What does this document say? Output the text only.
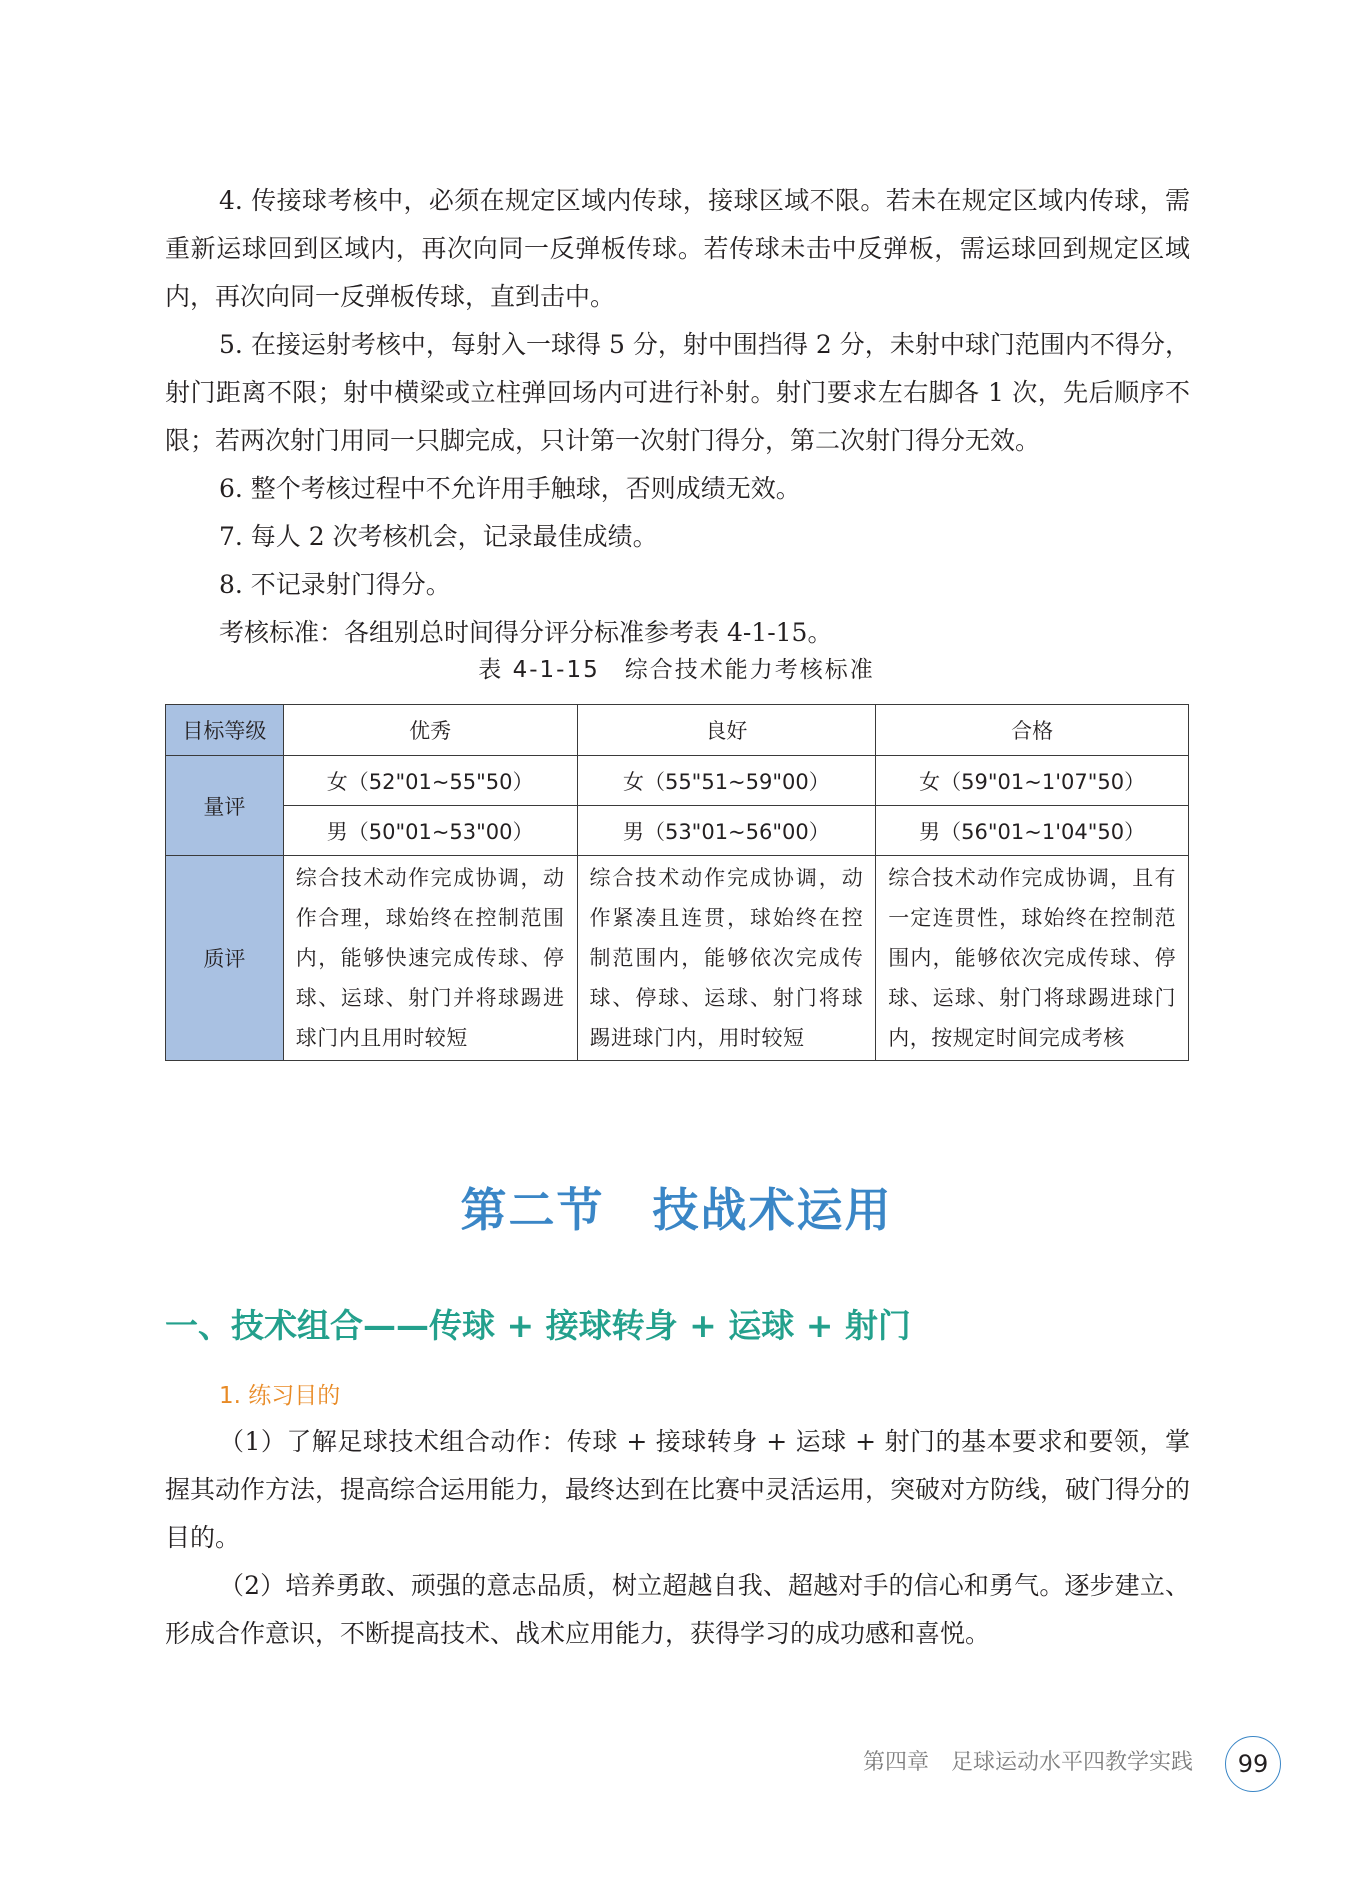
4. 传接球考核中，必须在规定区域内传球，接球区域不限。若未在规定区域内传球，需重新运球回到区域内，再次向同一反弹板传球。若传球未击中反弹板，需运球回到规定区域内，再次向同一反弹板传球，直到击中。

5. 在接运射考核中，每射入一球得 5 分，射中围挡得 2 分，未射中球门范围内不得分，射门距离不限；射中横梁或立柱弹回场内可进行补射。射门要求左右脚各 1 次，先后顺序不限；若两次射门用同一只脚完成，只计第一次射门得分，第二次射门得分无效。

6. 整个考核过程中不允许用手触球，否则成绩无效。

7. 每人 2 次考核机会，记录最佳成绩。

8. 不记录射门得分。

考核标准：各组别总时间得分评分标准参考表 4-1-15。

表 4-1-15　综合技术能力考核标准
目标等级	优秀	良好	合格
量评	女（52"01~55"50）	女（55"51~59"00）	女（59"01~1'07"50）
	男（50"01~53"00）	男（53"01~56"00）	男（56"01~1'04"50）
质评	综合技术动作完成协调，动作合理，球始终在控制范围内，能够快速完成传球、停球、运球、射门并将球踢进球门内且用时较短	综合技术动作完成协调，动作紧凑且连贯，球始终在控制范围内，能够依次完成传球、停球、运球、射门将球踢进球门内，用时较短	综合技术动作完成协调，且有一定连贯性，球始终在控制范围内，能够依次完成传球、停球、运球、射门将球踢进球门内，按规定时间完成考核
第二节　技战术运用
一、技术组合——传球 + 接球转身 + 运球 + 射门
1. 练习目的

（1）了解足球技术组合动作：传球 + 接球转身 + 运球 + 射门的基本要求和要领，掌握其动作方法，提高综合运用能力，最终达到在比赛中灵活运用，突破对方防线，破门得分的目的。

（2）培养勇敢、顽强的意志品质，树立超越自我、超越对手的信心和勇气。逐步建立、形成合作意识，不断提高技术、战术应用能力，获得学习的成功感和喜悦。

第四章　足球运动水平四教学实践	99
